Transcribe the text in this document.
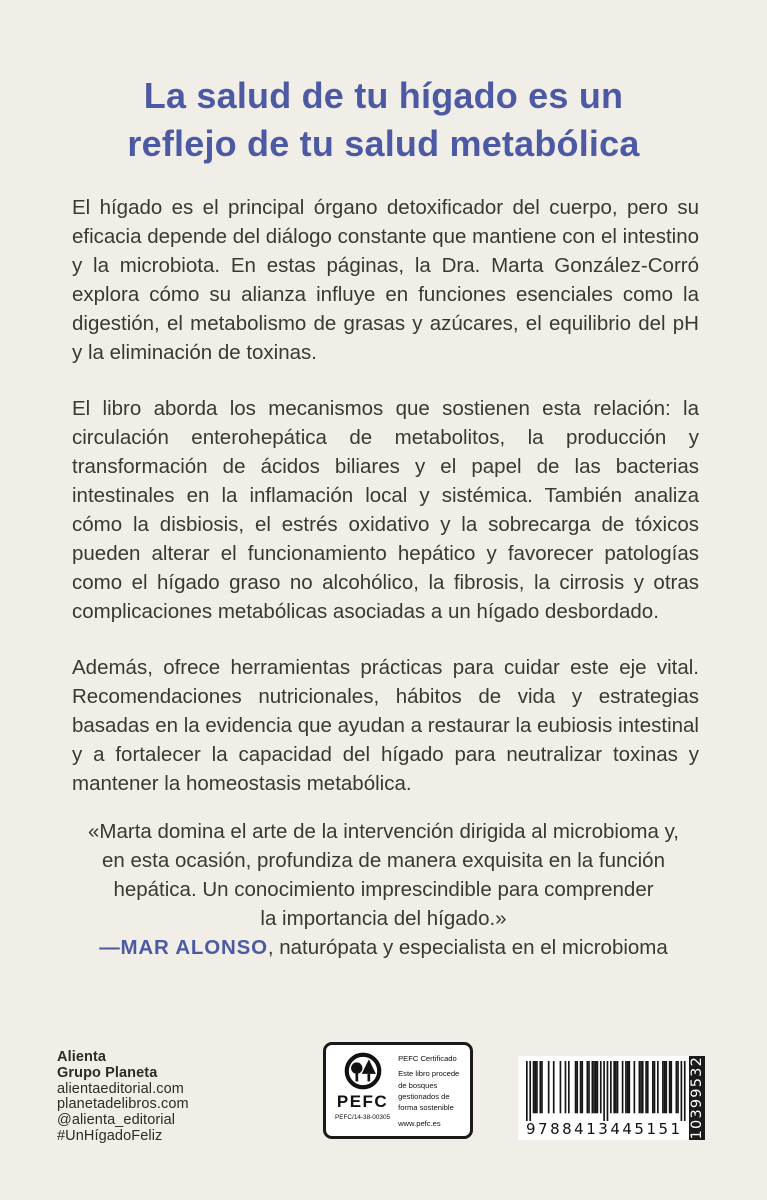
La salud de tu hígado es un
reflejo de tu salud metabólica

El hígado es el principal órgano detoxificador del cuerpo, pero su eficacia depende del diálogo constante que mantiene con el intestino y la microbiota. En estas páginas, la Dra. Marta González-Corró explora cómo su alianza influye en funciones esenciales como la digestión, el metabolismo de grasas y azúcares, el equilibrio del pH y la eliminación de toxinas.

El libro aborda los mecanismos que sostienen esta relación: la circulación enterohepática de metabolitos, la producción y transformación de ácidos biliares y el papel de las bacterias intestinales en la inflamación local y sistémica. También analiza cómo la disbiosis, el estrés oxidativo y la sobrecarga de tóxicos pueden alterar el funcionamiento hepático y favorecer patologías como el hígado graso no alcohólico, la fibrosis, la cirrosis y otras complicaciones metabólicas asociadas a un hígado desbordado.

Además, ofrece herramientas prácticas para cuidar este eje vital. Recomendaciones nutricionales, hábitos de vida y estrategias basadas en la evidencia que ayudan a restaurar la eubiosis intestinal y a fortalecer la capacidad del hígado para neutralizar toxinas y mantener la homeostasis metabólica.

«Marta domina el arte de la intervención dirigida al microbioma y,
en esta ocasión, profundiza de manera exquisita en la función
hepática. Un conocimiento imprescindible para comprender
la importancia del hígado.»
—MAR ALONSO, naturópata y especialista en el microbioma
Alienta
Grupo Planeta
alientaeditorial.com
planetadelibros.com
@alienta_editorial
#UnHígadoFeliz
PEFC
PEFC/14-38-00305
PEFC Certificado
Este libro procede de bosques gestionados de forma sostenible
www.pefc.es	9 788413 445151 10399532
